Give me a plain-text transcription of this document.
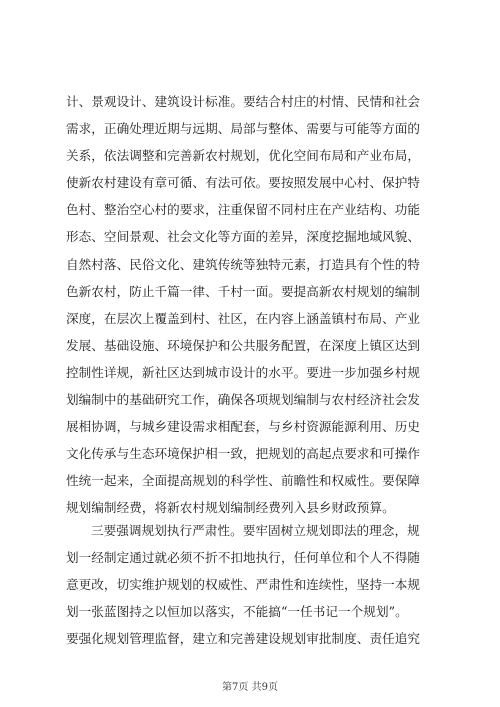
计、景观设计、建筑设计标准。要结合村庄的村情、民情和社会
需求，正确处理近期与远期、局部与整体、需要与可能等方面的
关系，依法调整和完善新农村规划，优化空间布局和产业布局，
使新农村建设有章可循、有法可依。要按照发展中心村、保护特
色村、整治空心村的要求，注重保留不同村庄在产业结构、功能
形态、空间景观、社会文化等方面的差异，深度挖掘地域风貌、
自然村落、民俗文化、建筑传统等独特元素，打造具有个性的特
色新农村，防止千篇一律、千村一面。要提高新农村规划的编制
深度，在层次上覆盖到村、社区，在内容上涵盖镇村布局、产业
发展、基础设施、环境保护和公共服务配置，在深度上镇区达到
控制性详规，新社区达到城市设计的水平。要进一步加强乡村规
划编制中的基础研究工作，确保各项规划编制与农村经济社会发
展相协调，与城乡建设需求相配套，与乡村资源能源利用、历史
文化传承与生态环境保护相一致，把规划的高起点要求和可操作
性统一起来，全面提高规划的科学性、前瞻性和权威性。要保障
规划编制经费，将新农村规划编制经费列入县乡财政预算。
三要强调规划执行严肃性。要牢固树立规划即法的理念，规
划一经制定通过就必须不折不扣地执行，任何单位和个人不得随
意更改，切实维护规划的权威性、严肃性和连续性，坚持一本规
划一张蓝图持之以恒加以落实，不能搞“一任书记一个规划”。
要强化规划管理监督，建立和完善建设规划审批制度、责任追究
第7页 共9页
